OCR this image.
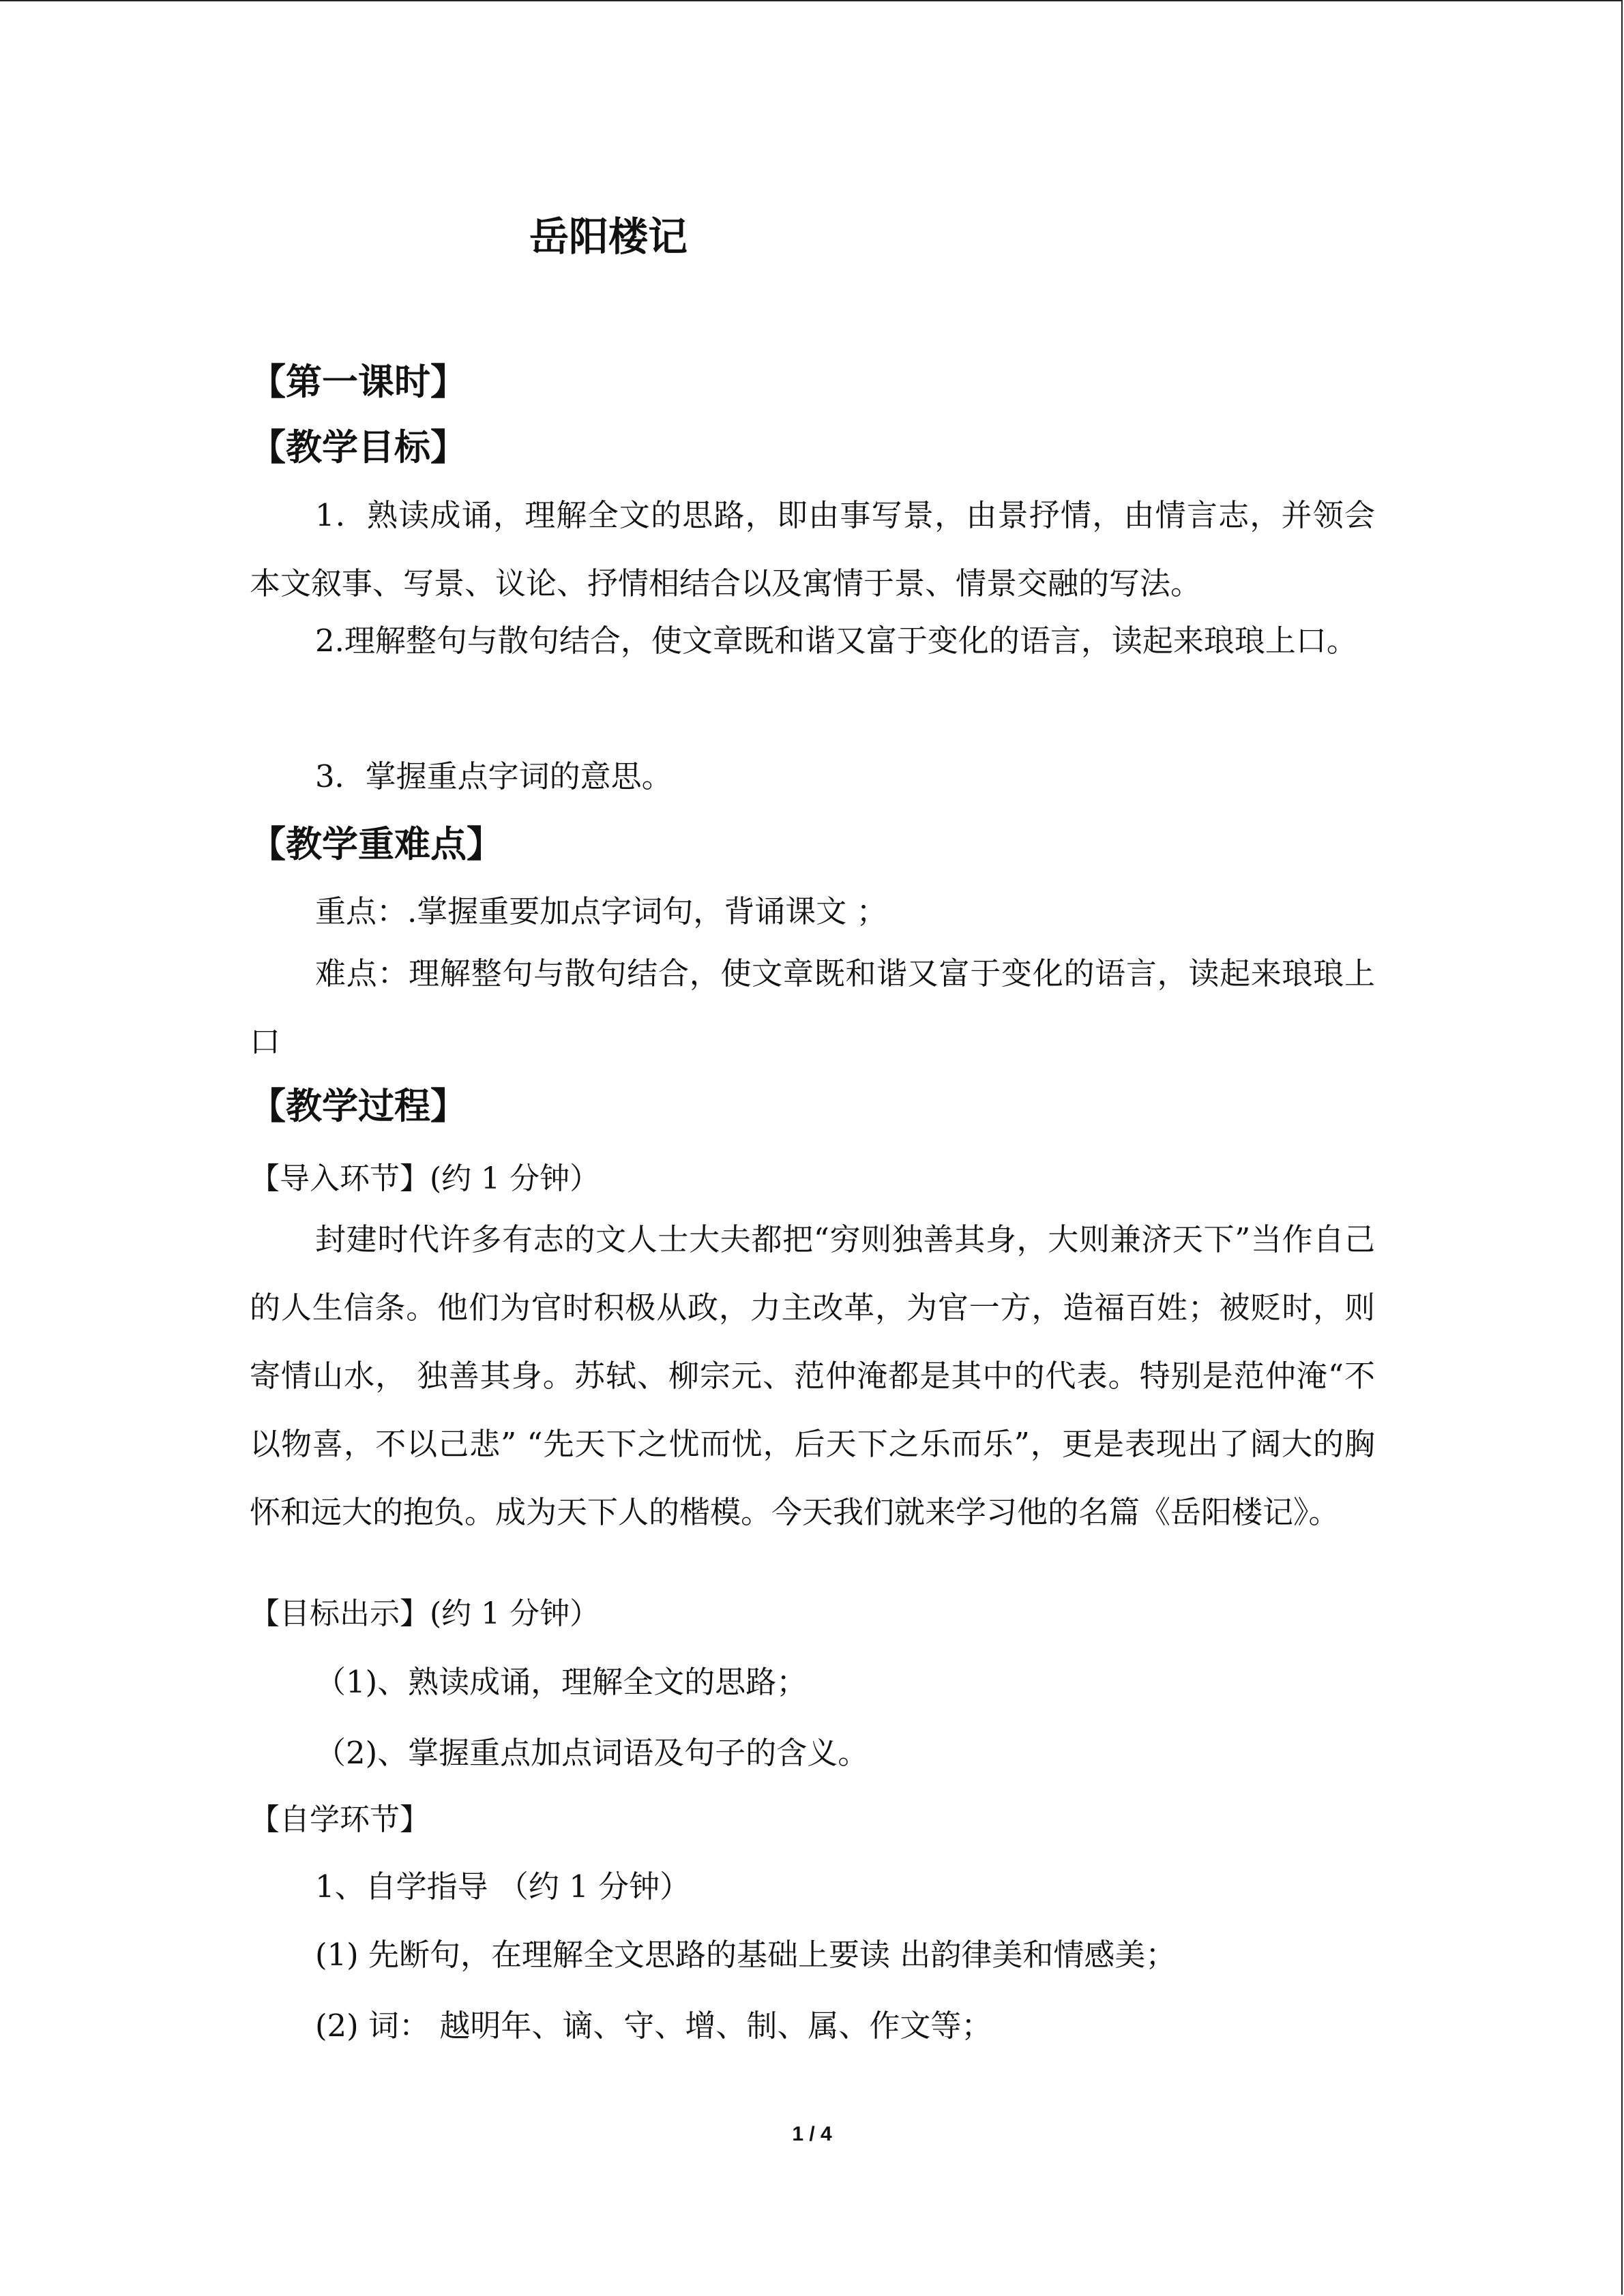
岳阳楼记
【第一课时】
【教学目标】
1．熟读成诵，理解全文的思路，即由事写景，由景抒情，由情言志，并领会本文叙事、写景、议论、抒情相结合以及寓情于景、情景交融的写法。
2.理解整句与散句结合，使文章既和谐又富于变化的语言，读起来琅琅上口。
3．掌握重点字词的意思。
【教学重难点】
重点：.掌握重要加点字词句，背诵课文 ；
难点：理解整句与散句结合，使文章既和谐又富于变化的语言，读起来琅琅上口
【教学过程】
【导入环节】(约 1 分钟）
封建时代许多有志的文人士大夫都把“穷则独善其身，大则兼济天下”当作自己的人生信条。他们为官时积极从政，力主改革，为官一方，造福百姓；被贬时，则寄情山水， 独善其身。苏轼、柳宗元、范仲淹都是其中的代表。特别是范仲淹“不以物喜，不以己悲” “先天下之忧而忧，后天下之乐而乐”，更是表现出了阔大的胸怀和远大的抱负。成为天下人的楷模。今天我们就来学习他的名篇《岳阳楼记》。
【目标出示】(约 1 分钟）
（1)、熟读成诵，理解全文的思路；
（2)、掌握重点加点词语及句子的含义。
【自学环节】
1、自学指导 （约 1 分钟）
(1) 先断句，在理解全文思路的基础上要读 出韵律美和情感美；
(2) 词： 越明年、谪、守、增、制、属、作文等；
1 / 4
